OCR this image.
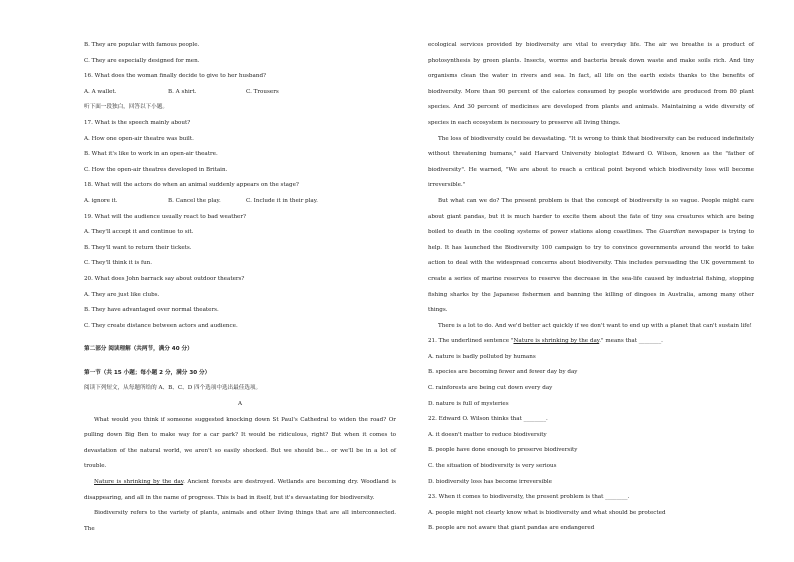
B. They are popular with famous people.
C. They are especially designed for men.
16. What does the woman finally decide to give to her husband?
A. A wallet.	B. A shirt.	C. Trousers
听下面一段独白，回答以下小题。
17. What is the speech mainly about?
A. How one open-air theatre was built.
B. What it's like to work in an open-air theatre.
C. How the open-air theatres developed in Britain.
18. What will the actors do when an animal suddenly appears on the stage?
A. ignore it.	B. Cancel the play.	C. Include it in their play.
19. What will the audience usually react to bad weather?
A. They'll accept it and continue to sit.
B. They'll want to return their tickets.
C. They'll think it is fun.
20. What does John barrack say about outdoor theaters?
A. They are just like clubs.
B. They have advantaged over normal theaters.
C. They create distance between actors and audience.
第二部分 阅读理解（共两节，满分 40 分）
第一节（共 15 小题；每小题 2 分，满分 30 分）
阅读下列短文，从每题所给的 A、B、C、D 四个选项中选出最佳选项。
A
What would you think if someone suggested knocking down St Paul's Cathedral to widen the road? Or pulling down Big Ben to make way for a car park? It would be ridiculous, right? But when it comes to devastation of the natural world, we aren't so easily shocked. But we should be... or we'll be in a lot of trouble.
Nature is shrinking by the day. Ancient forests are destroyed. Wetlands are becoming dry. Woodland is disappearing, and all in the name of progress. This is bad in itself, but it's devastating for biodiversity.
Biodiversity refers to the variety of plants, animals and other living things that are all interconnected. The
ecological services provided by biodiversity are vital to everyday life. The air we breathe is a product of photosynthesis by green plants. Insects, worms and bacteria break down waste and make soils rich. And tiny organisms clean the water in rivers and sea. In fact, all life on the earth exists thanks to the benefits of biodiversity. More than 90 percent of the calories consumed by people worldwide are produced from 80 plant species. And 30 percent of medicines are developed from plants and animals. Maintaining a wide diversity of species in each ecosystem is necessary to preserve all living things.
The loss of biodiversity could be devastating. "It is wrong to think that biodiversity can be reduced indefinitely without threatening humans," said Harvard University biologist Edward O. Wilson, known as the "father of biodiversity". He warned, "We are about to reach a critical point beyond which biodiversity loss will become irreversible."
But what can we do? The present problem is that the concept of biodiversity is so vague. People might care about giant pandas, but it is much harder to excite them about the fate of tiny sea creatures which are being boiled to death in the cooling systems of power stations along coastlines. The Guardian newspaper is trying to help. It has launched the Biodiversity 100 campaign to try to convince governments around the world to take action to deal with the widespread concerns about biodiversity. This includes persuading the UK government to create a series of marine reserves to reserve the decrease in the sea-life caused by industrial fishing, stopping fishing sharks by the Japanese fishermen and banning the killing of dingoes in Australia, among many other things.
There is a lot to do. And we'd better act quickly if we don't want to end up with a planet that can't sustain life!
21. The underlined sentence "Nature is shrinking by the day." means that ________.
A. nature is badly polluted by humans
B. species are becoming fewer and fewer day by day
C. rainforests are being cut down every day
D. nature is full of mysteries
22. Edward O. Wilson thinks that ________.
A. it doesn't matter to reduce biodiversity
B. people have done enough to preserve biodiversity
C. the situation of biodiversity is very serious
D. biodiversity loss has become irreversible
23. When it comes to biodiversity, the present problem is that ________.
A. people might not clearly know what is biodiversity and what should be protected
B. people are not aware that giant pandas are endangered
